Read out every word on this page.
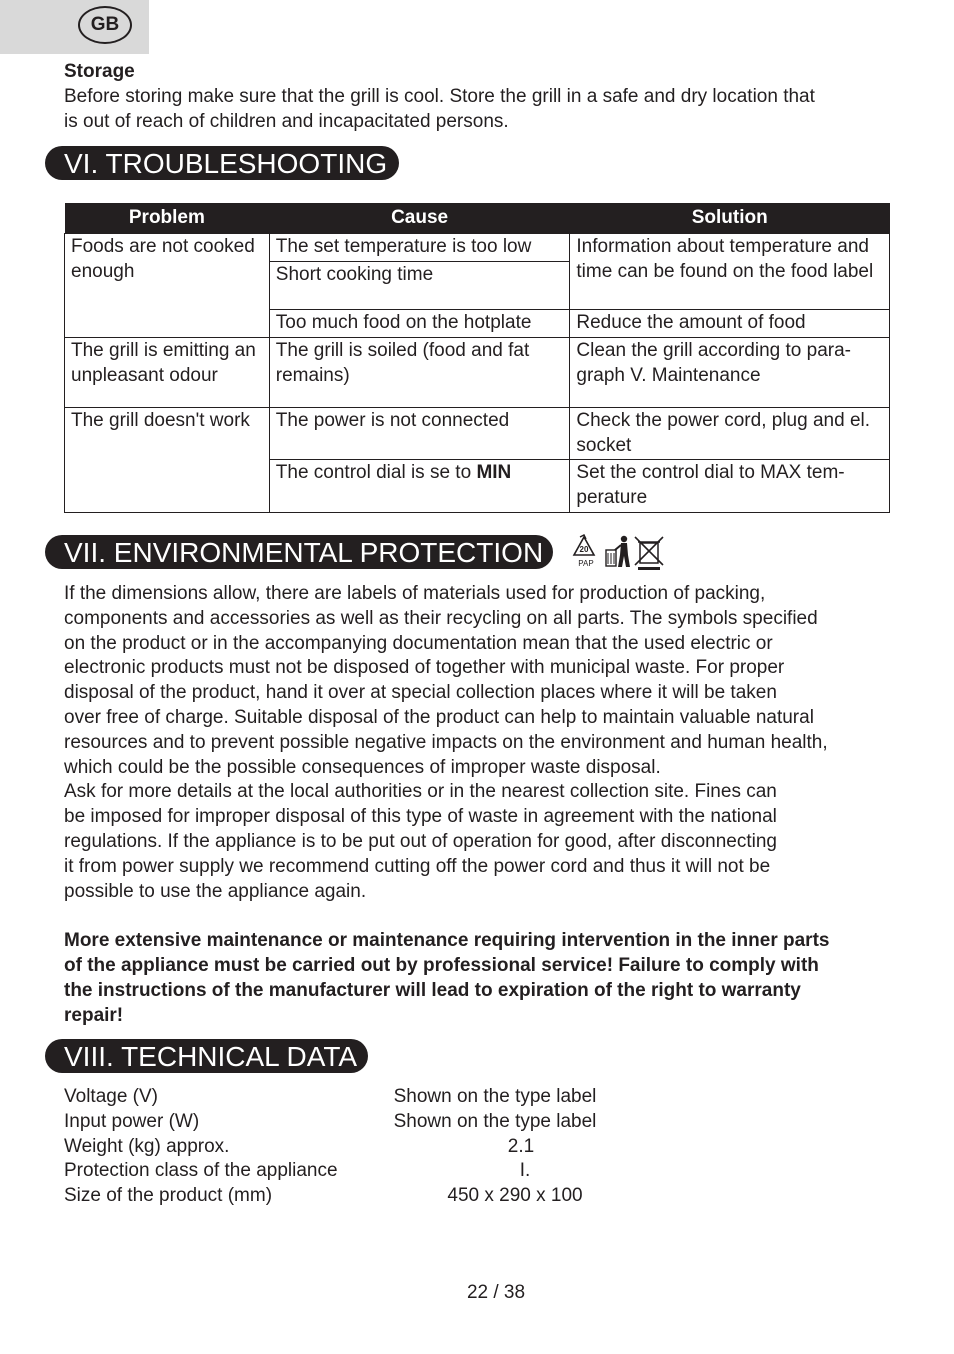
GB

Storage

Before storing make sure that the grill is cool. Store the grill in a safe and dry location that

is out of reach of children and incapacitated persons.

VI. TROUBLESHOOTING
Problem	Cause	Solution
Foods are not cooked enough	The set temperature is too low	Information about temperature and time can be found on the food label
	Short cooking time	
	Too much food on the hotplate	Reduce the amount of food
The grill is emitting an unpleasant odour	The grill is soiled (food and fat remains)	Clean the grill according to para-graph V. Maintenance
The grill doesn't work	The power is not connected	Check the power cord, plug and el. socket
	The control dial is se to MIN	Set the control dial to MAX tem-perature
VII. ENVIRONMENTAL PROTECTION	20
PAP

If the dimensions allow, there are labels of materials used for production of packing,

components and accessories as well as their recycling on all parts. The symbols specified

on the product or in the accompanying documentation mean that the used electric or

electronic products must not be disposed of together with municipal waste. For proper

disposal of the product, hand it over at special collection places where it will be taken

over free of charge. Suitable disposal of the product can help to maintain valuable natural

resources and to prevent possible negative impacts on the environment and human health,

which could be the possible consequences of improper waste disposal.

Ask for more details at the local authorities or in the nearest collection site. Fines can

be imposed for improper disposal of this type of waste in agreement with the national

regulations. If the appliance is to be put out of operation for good, after disconnecting

it from power supply we recommend cutting off the power cord and thus it will not be

possible to use the appliance again.

More extensive maintenance or maintenance requiring intervention in the inner parts

of the appliance must be carried out by professional service! Failure to comply with

the instructions of the manufacturer will lead to expiration of the right to warranty

repair!

VIII. TECHNICAL DATA
Voltage (V)	Shown on the type label
Input power (W)	Shown on the type label
Weight (kg) approx.	2.1
Protection class of the appliance	I.
Size of the product (mm)	450 x 290 x 100
22 / 38
